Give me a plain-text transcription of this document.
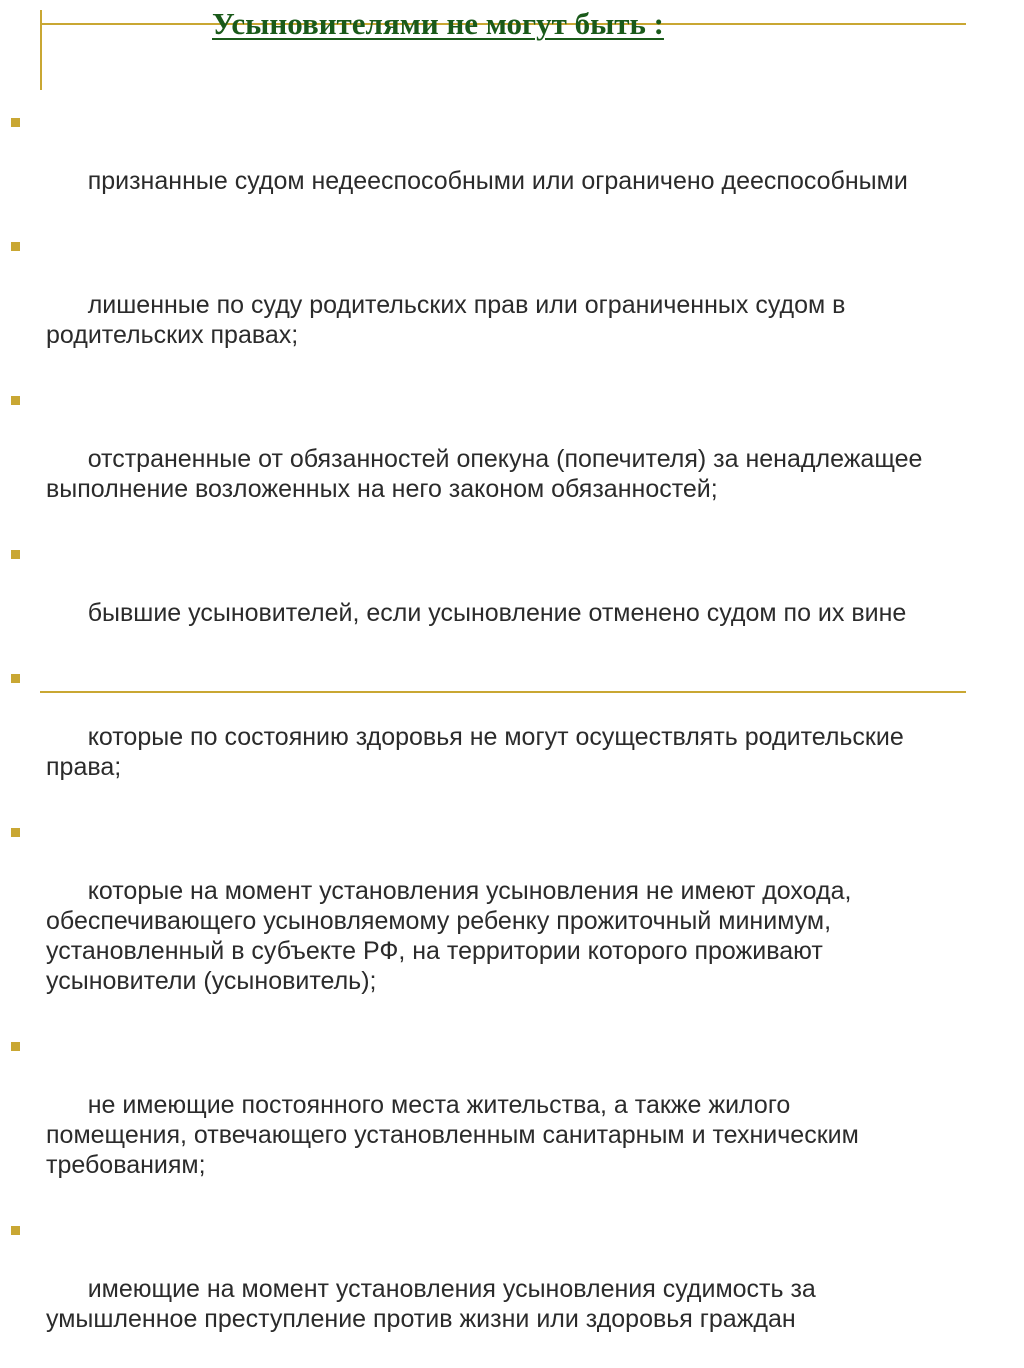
Усыновителями не могут быть :

признанные судом недееспособными или ограничено дееспособными

лишенные по суду родительских прав или ограниченных судом в
родительских правах;

отстраненные от обязанностей опекуна (попечителя) за ненадлежащее
выполнение возложенных на него законом обязанностей;

бывшие усыновителей, если усыновление отменено судом по их вине

которые по состоянию здоровья не могут осуществлять родительские
права;

которые на момент установления усыновления не имеют дохода,
обеспечивающего усыновляемому ребенку прожиточный минимум,
установленный в субъекте РФ, на территории которого проживают
усыновители (усыновитель);

не имеющие постоянного места жительства, а также жилого
помещения, отвечающего установленным санитарным и техническим
требованиям;

имеющие на момент установления усыновления судимость за
умышленное преступление против жизни или здоровья граждан
